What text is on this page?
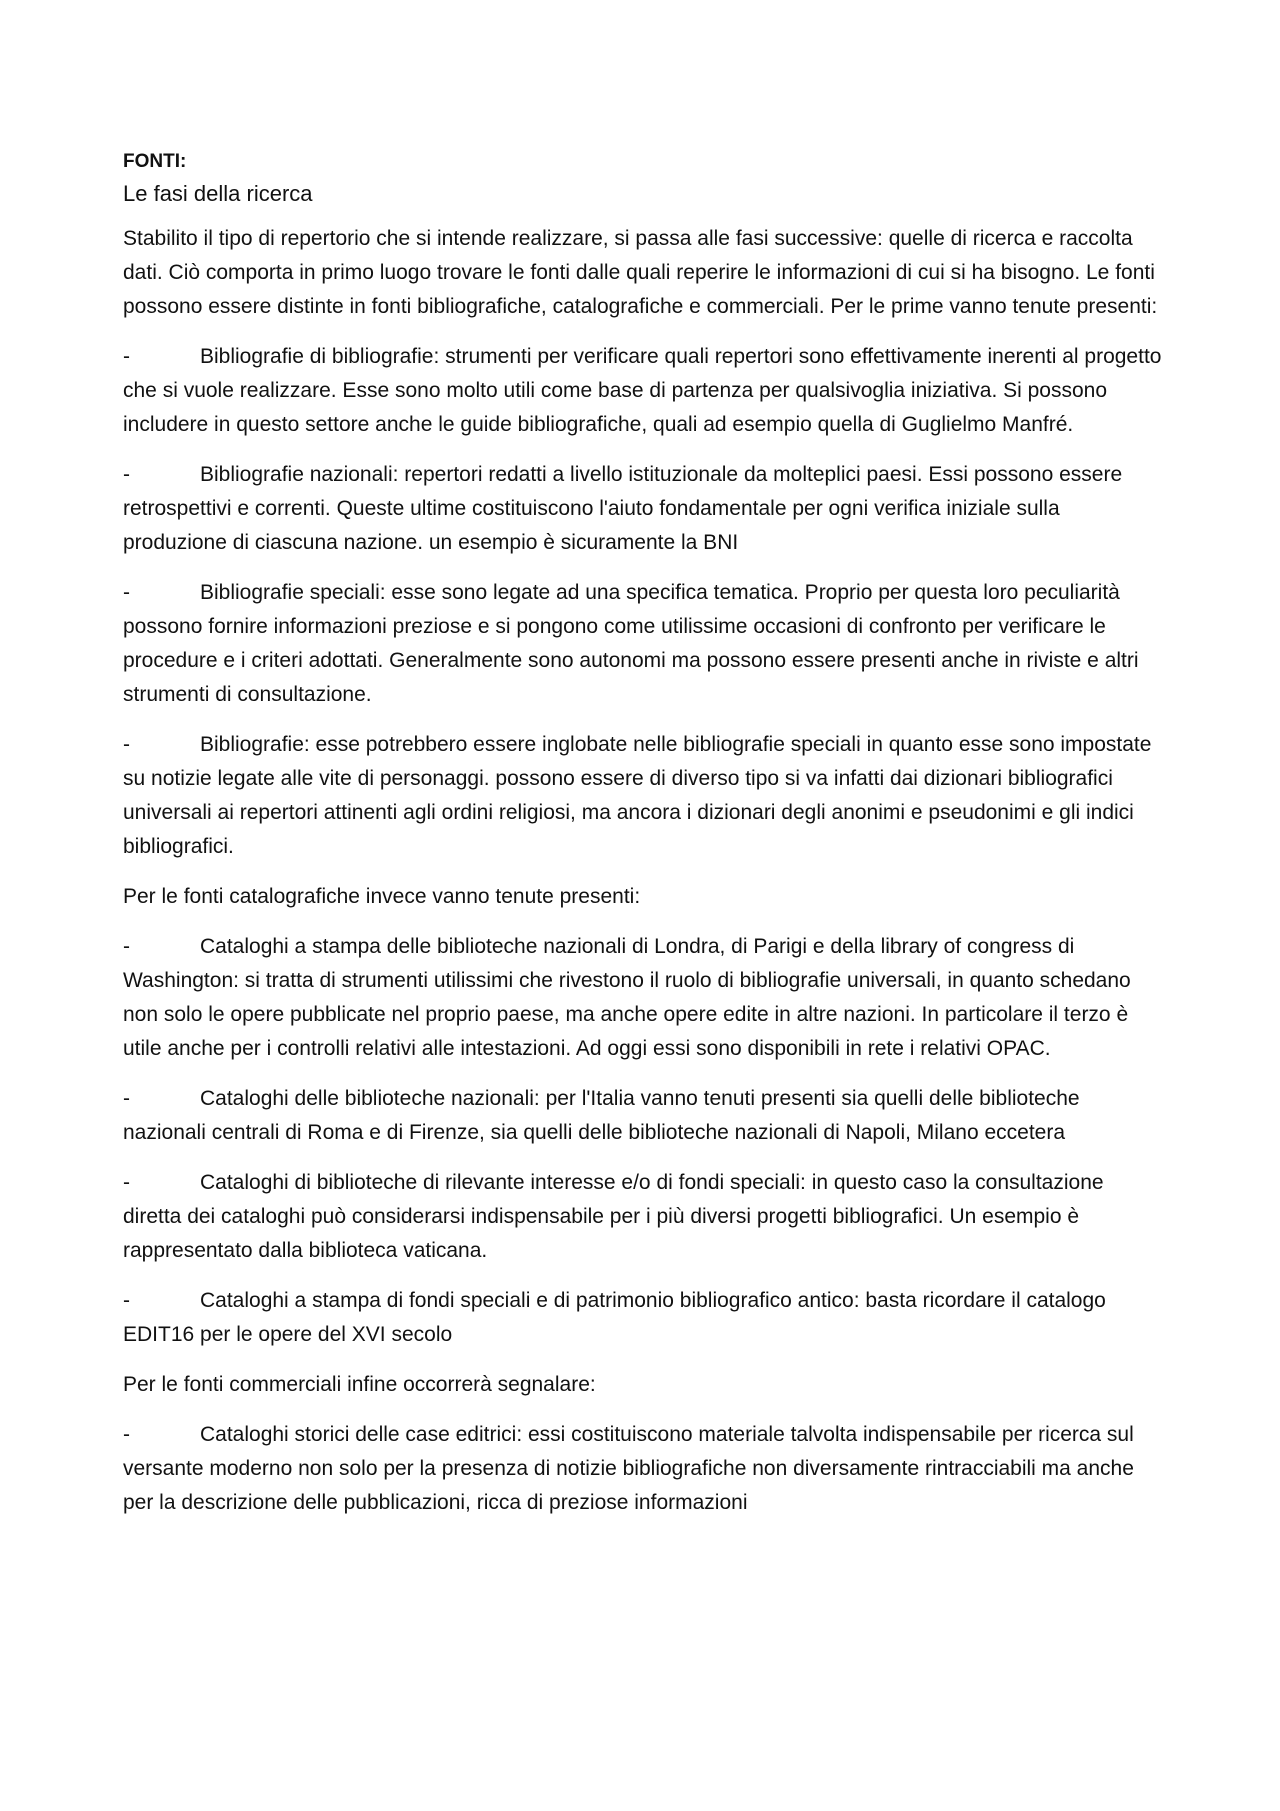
FONTI:
Le fasi della ricerca

Stabilito il tipo di repertorio che si intende realizzare, si passa alle fasi successive: quelle di ricerca e raccolta dati. Ciò comporta in primo luogo trovare le fonti dalle quali reperire le informazioni di cui si ha bisogno. Le fonti possono essere distinte in fonti bibliografiche, catalografiche e commerciali. Per le prime vanno tenute presenti:

-	Bibliografie di bibliografie: strumenti per verificare quali repertori sono effettivamente inerenti al progetto che si vuole realizzare. Esse sono molto utili come base di partenza per qualsivoglia iniziativa. Si possono includere in questo settore anche le guide bibliografiche, quali ad esempio quella di Guglielmo Manfré.
-	Bibliografie nazionali: repertori redatti a livello istituzionale da molteplici paesi. Essi possono essere retrospettivi e correnti. Queste ultime costituiscono l'aiuto fondamentale per ogni verifica iniziale sulla produzione di ciascuna nazione. un esempio è sicuramente la BNI
-	Bibliografie speciali: esse sono legate ad una specifica tematica. Proprio per questa loro peculiarità possono fornire informazioni preziose e si pongono come utilissime occasioni di confronto per verificare le procedure e i criteri adottati. Generalmente sono autonomi ma possono essere presenti anche in riviste e altri strumenti di consultazione.
-	Bibliografie: esse potrebbero essere inglobate nelle bibliografie speciali in quanto esse sono impostate su notizie legate alle vite di personaggi. possono essere di diverso tipo si va infatti dai dizionari bibliografici universali ai repertori attinenti agli ordini religiosi, ma ancora i dizionari degli anonimi e pseudonimi e gli indici bibliografici.

Per le fonti catalografiche invece vanno tenute presenti:

-	Cataloghi a stampa delle biblioteche nazionali di Londra, di Parigi e della library of congress di Washington: si tratta di strumenti utilissimi che rivestono il ruolo di bibliografie universali, in quanto schedano non solo le opere pubblicate nel proprio paese, ma anche opere edite in altre nazioni. In particolare il terzo è utile anche per i controlli relativi alle intestazioni. Ad oggi essi sono disponibili in rete i relativi OPAC.
-	Cataloghi delle biblioteche nazionali: per l'Italia vanno tenuti presenti sia quelli delle biblioteche nazionali centrali di Roma e di Firenze, sia quelli delle biblioteche nazionali di Napoli, Milano eccetera
-	Cataloghi di biblioteche di rilevante interesse e/o di fondi speciali: in questo caso la consultazione diretta dei cataloghi può considerarsi indispensabile per i più diversi progetti bibliografici. Un esempio è rappresentato dalla biblioteca vaticana.
-	Cataloghi a stampa di fondi speciali e di patrimonio bibliografico antico: basta ricordare il catalogo EDIT16 per le opere del XVI secolo

Per le fonti commerciali infine occorrerà segnalare:

-	Cataloghi storici delle case editrici: essi costituiscono materiale talvolta indispensabile per ricerca sul versante moderno non solo per la presenza di notizie bibliografiche non diversamente rintracciabili ma anche per la descrizione delle pubblicazioni, ricca di preziose informazioni
